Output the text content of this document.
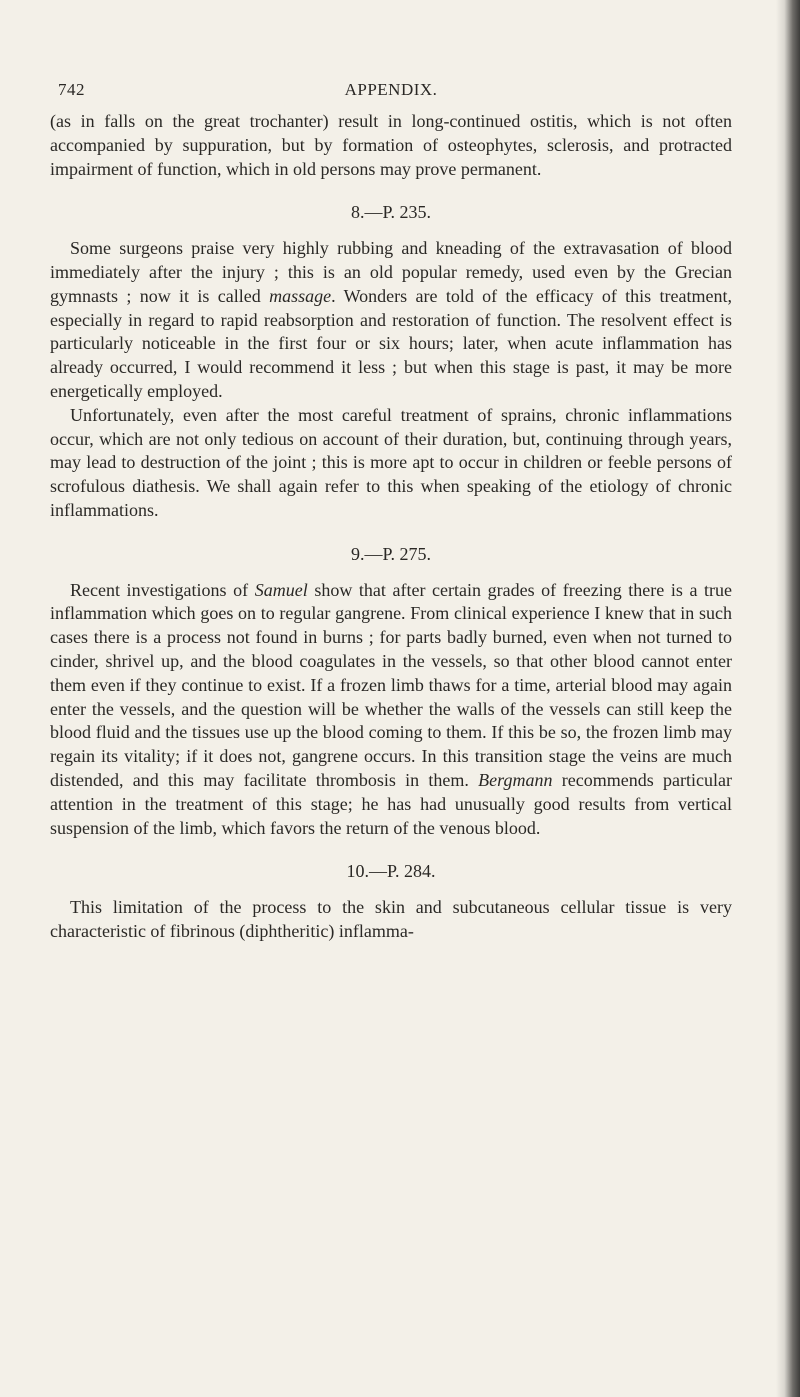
742	APPENDIX.

(as in falls on the great trochanter) result in long-continued ostitis, which is not often accompanied by suppuration, but by formation of osteophytes, sclerosis, and protracted impairment of function, which in old persons may prove permanent.

8.—P. 235.

Some surgeons praise very highly rubbing and kneading of the extravasation of blood immediately after the injury ; this is an old popular remedy, used even by the Grecian gymnasts ; now it is called massage. Wonders are told of the efficacy of this treatment, especially in regard to rapid reabsorption and restoration of function. The resolvent effect is particularly noticeable in the first four or six hours; later, when acute inflammation has already occurred, I would recommend it less ; but when this stage is past, it may be more energetically employed.

Unfortunately, even after the most careful treatment of sprains, chronic inflammations occur, which are not only tedious on account of their duration, but, continuing through years, may lead to destruction of the joint ; this is more apt to occur in children or feeble persons of scrofulous diathesis. We shall again refer to this when speaking of the etiology of chronic inflammations.

9.—P. 275.

Recent investigations of Samuel show that after certain grades of freezing there is a true inflammation which goes on to regular gangrene. From clinical experience I knew that in such cases there is a process not found in burns ; for parts badly burned, even when not turned to cinder, shrivel up, and the blood coagulates in the vessels, so that other blood cannot enter them even if they continue to exist. If a frozen limb thaws for a time, arterial blood may again enter the vessels, and the question will be whether the walls of the vessels can still keep the blood fluid and the tissues use up the blood coming to them. If this be so, the frozen limb may regain its vitality; if it does not, gangrene occurs. In this transition stage the veins are much distended, and this may facilitate thrombosis in them. Bergmann recommends particular attention in the treatment of this stage; he has had unusually good results from vertical suspension of the limb, which favors the return of the venous blood.

10.—P. 284.

This limitation of the process to the skin and subcutaneous cellular tissue is very characteristic of fibrinous (diphtheritic) inflamma-
